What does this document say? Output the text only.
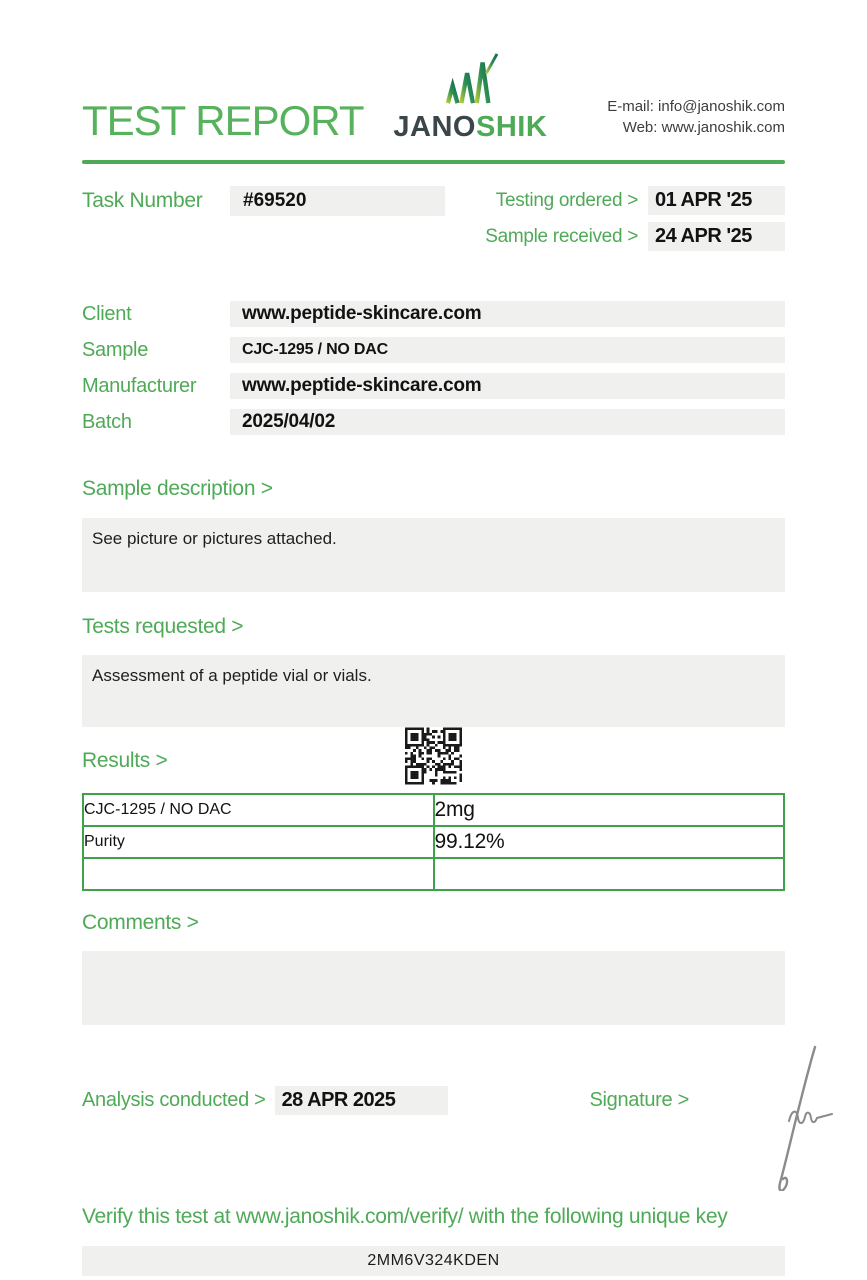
TEST REPORT JANOSHIK
E-mail: info@janoshik.com
Web: www.janoshik.com
Task Number	#69520	Testing ordered > 01 APR '25
Sample received > 24 APR '25
Client	www.peptide-skincare.com
Sample	CJC-1295 / NO DAC
Manufacturer	www.peptide-skincare.com
Batch	2025/04/02
Sample description >
See picture or pictures attached.
Tests requested >
Assessment of a peptide vial or vials.
Results >
CJC-1295 / NO DAC	2mg
Purity	99.12%

Comments >
Analysis conducted > 28 APR 2025	Signature >
Verify this test at www.janoshik.com/verify/ with the following unique key
2MM6V324KDEN
